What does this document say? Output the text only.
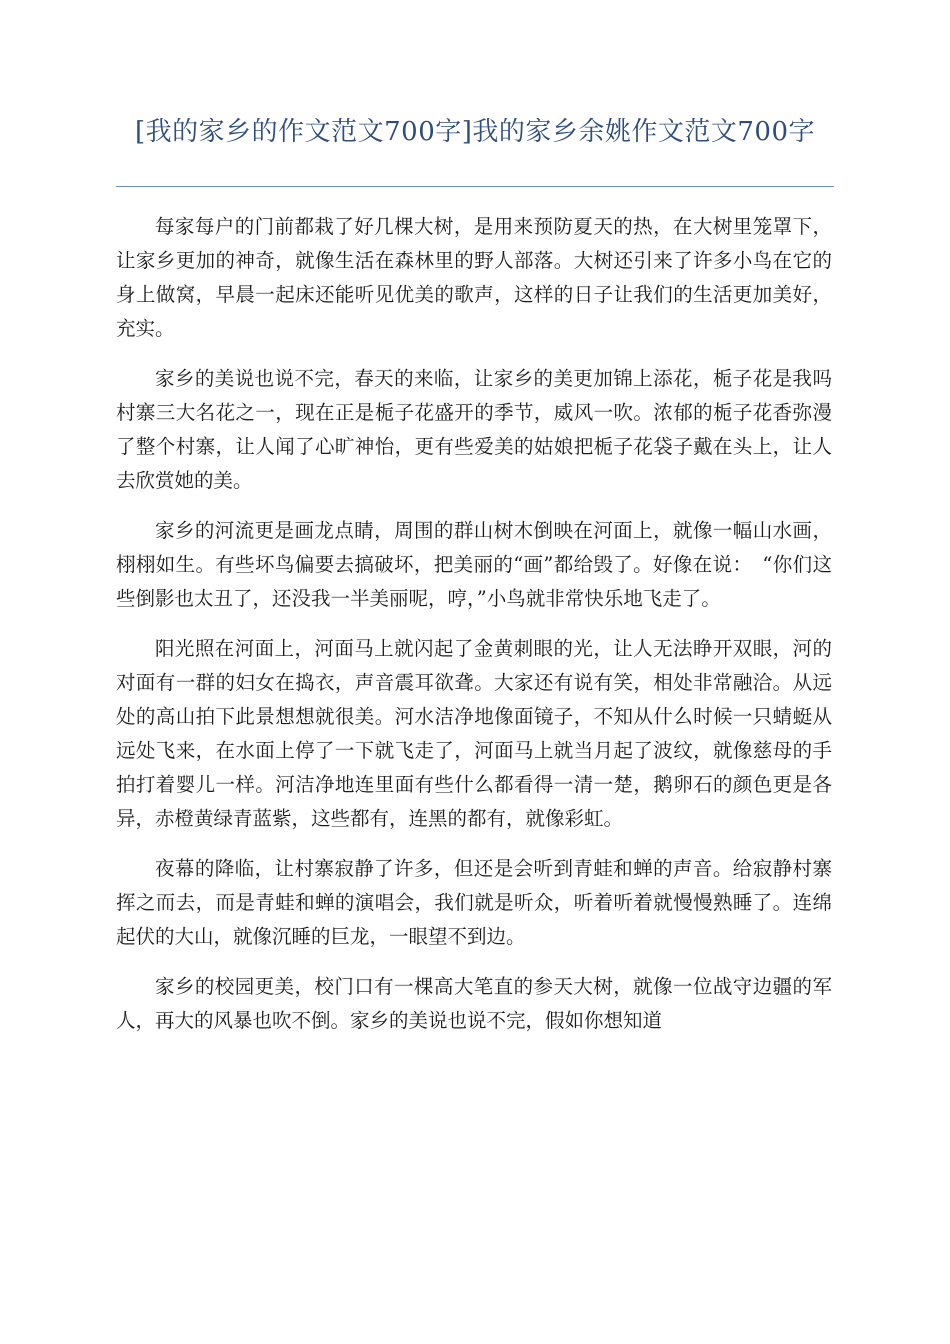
[我的家乡的作文范文700字]我的家乡余姚作文范文700字

每家每户的门前都栽了好几棵大树，是用来预防夏天的热，在大树里笼罩下，让家乡更加的神奇，就像生活在森林里的野人部落。大树还引来了许多小鸟在它的身上做窝，早晨一起床还能听见优美的歌声，这样的日子让我们的生活更加美好，充实。

家乡的美说也说不完，春天的来临，让家乡的美更加锦上添花，栀子花是我吗村寨三大名花之一，现在正是栀子花盛开的季节，威风一吹。浓郁的栀子花香弥漫了整个村寨，让人闻了心旷神怡，更有些爱美的姑娘把栀子花袋子戴在头上，让人去欣赏她的美。

家乡的河流更是画龙点睛，周围的群山树木倒映在河面上，就像一幅山水画，栩栩如生。有些坏鸟偏要去搞破坏，把美丽的“画”都给毁了。好像在说：　“你们这些倒影也太丑了，还没我一半美丽呢，哼，”小鸟就非常快乐地飞走了。

阳光照在河面上，河面马上就闪起了金黄刺眼的光，让人无法睁开双眼，河的对面有一群的妇女在捣衣，声音震耳欲聋。大家还有说有笑，相处非常融洽。从远处的高山拍下此景想想就很美。河水洁净地像面镜子，不知从什么时候一只蜻蜓从远处飞来，在水面上停了一下就飞走了，河面马上就当月起了波纹，就像慈母的手拍打着婴儿一样。河洁净地连里面有些什么都看得一清一楚，鹅卵石的颜色更是各异，赤橙黄绿青蓝紫，这些都有，连黑的都有，就像彩虹。

夜幕的降临，让村寨寂静了许多，但还是会听到青蛙和蝉的声音。给寂静村寨挥之而去，而是青蛙和蝉的演唱会，我们就是听众，听着听着就慢慢熟睡了。连绵起伏的大山，就像沉睡的巨龙，一眼望不到边。

家乡的校园更美，校门口有一棵高大笔直的参天大树，就像一位战守边疆的军人，再大的风暴也吹不倒。家乡的美说也说不完，假如你想知道
